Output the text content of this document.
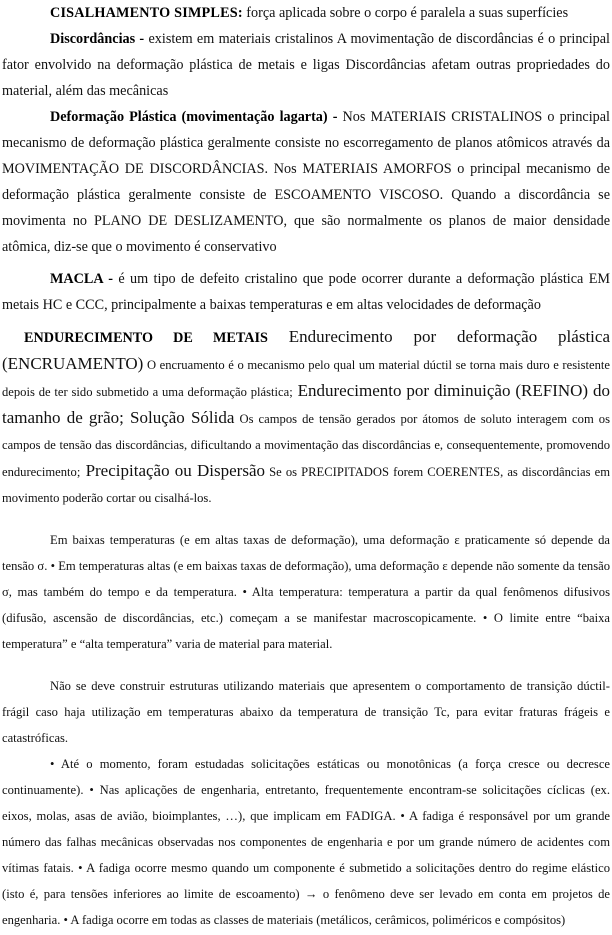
CISALHAMENTO SIMPLES: força aplicada sobre o corpo é paralela a suas superfícies

Discordâncias - existem em materiais cristalinos A movimentação de discordâncias é o principal fator envolvido na deformação plástica de metais e ligas Discordâncias afetam outras propriedades do material, além das mecânicas

Deformação Plástica (movimentação lagarta) - Nos MATERIAIS CRISTALINOS o principal mecanismo de deformação plástica geralmente consiste no escorregamento de planos atômicos através da MOVIMENTAÇÃO DE DISCORDÂNCIAS. Nos MATERIAIS AMORFOS o principal mecanismo de deformação plástica geralmente consiste de ESCOAMENTO VISCOSO. Quando a discordância se movimenta no PLANO DE DESLIZAMENTO, que são normalmente os planos de maior densidade atômica, diz-se que o movimento é conservativo

MACLA - é um tipo de defeito cristalino que pode ocorrer durante a deformação plástica EM metais HC e CCC, principalmente a baixas temperaturas e em altas velocidades de deformação

ENDURECIMENTO DE METAIS Endurecimento por deformação plástica (ENCRUAMENTO) O encruamento é o mecanismo pelo qual um material dúctil se torna mais duro e resistente depois de ter sido submetido a uma deformação plástica; Endurecimento por diminuição (REFINO) do tamanho de grão; Solução Sólida Os campos de tensão gerados por átomos de soluto interagem com os campos de tensão das discordâncias, dificultando a movimentação das discordâncias e, consequentemente, promovendo endurecimento; Precipitação ou Dispersão Se os PRECIPITADOS forem COERENTES, as discordâncias em movimento poderão cortar ou cisalhá-los.

Em baixas temperaturas (e em altas taxas de deformação), uma deformação ε praticamente só depende da tensão σ. • Em temperaturas altas (e em baixas taxas de deformação), uma deformação ε depende não somente da tensão σ, mas também do tempo e da temperatura. • Alta temperatura: temperatura a partir da qual fenômenos difusivos (difusão, ascensão de discordâncias, etc.) começam a se manifestar macroscopicamente. • O limite entre “baixa temperatura” e “alta temperatura” varia de material para material.

Não se deve construir estruturas utilizando materiais que apresentem o comportamento de transição dúctil-frágil caso haja utilização em temperaturas abaixo da temperatura de transição Tc, para evitar fraturas frágeis e catastróficas.

• Até o momento, foram estudadas solicitações estáticas ou monotônicas (a força cresce ou decresce continuamente). • Nas aplicações de engenharia, entretanto, frequentemente encontram-se solicitações cíclicas (ex. eixos, molas, asas de avião, bioimplantes, …), que implicam em FADIGA. • A fadiga é responsável por um grande número das falhas mecânicas observadas nos componentes de engenharia e por um grande número de acidentes com vítimas fatais. • A fadiga ocorre mesmo quando um componente é submetido a solicitações dentro do regime elástico (isto é, para tensões inferiores ao limite de escoamento) → o fenômeno deve ser levado em conta em projetos de engenharia. • A fadiga ocorre em todas as classes de materiais (metálicos, cerâmicos, poliméricos e compósitos)
